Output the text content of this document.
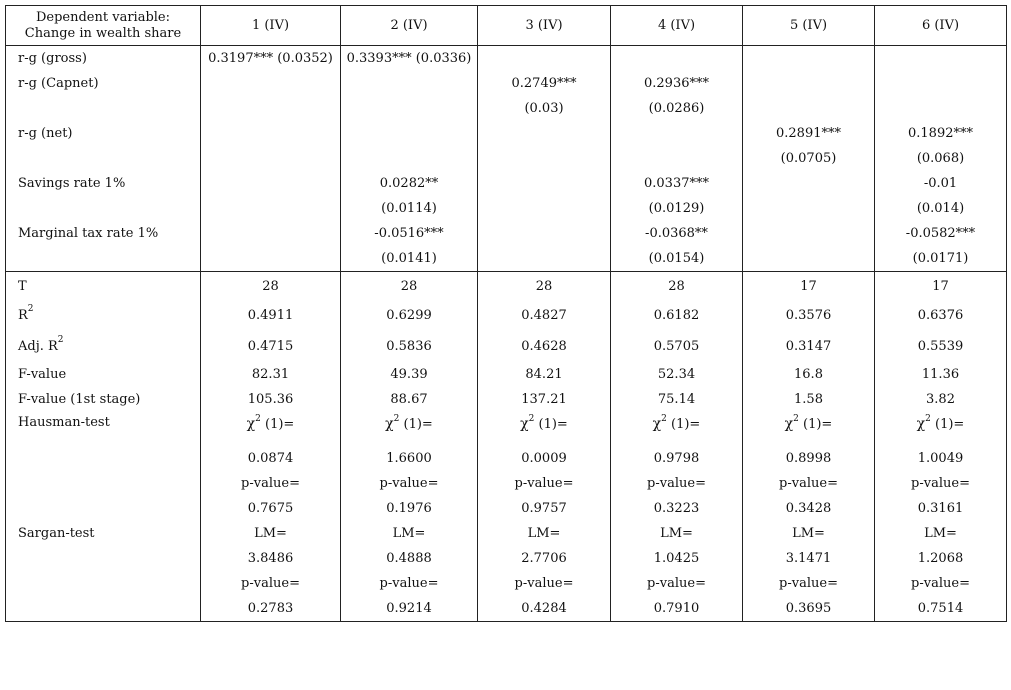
Dependent variable:
Change in wealth share	1 (IV)	2 (IV)	3 (IV)	4 (IV)	5 (IV)	6 (IV)
r-g (gross)	0.3197*** (0.0352)	0.3393*** (0.0336)				
r-g (Capnet)			0.2749***	0.2936***		
			(0.03)	(0.0286)		
r-g (net)					0.2891***	0.1892***
					(0.0705)	(0.068)
Savings rate 1%		0.0282**		0.0337***		-0.01
		(0.0114)		(0.0129)		(0.014)
Marginal tax rate 1%		-0.0516***		-0.0368**		-0.0582***
		(0.0141)		(0.0154)		(0.0171)
T	28	28	28	28	17	17
$R^2$	0.4911	0.6299	0.4827	0.6182	0.3576	0.6376
Adj. $R^2$	0.4715	0.5836	0.4628	0.5705	0.3147	0.5539
F-value	82.31	49.39	84.21	52.34	16.8	11.36
F-value (1st stage)	105.36	88.67	137.21	75.14	1.58	3.82
Hausman-test	$\chi^2$ (1)=	$\chi^2$ (1)=	$\chi^2$ (1)=	$\chi^2$ (1)=	$\chi^2$ (1)=	$\chi^2$ (1)=
	0.0874	1.6600	0.0009	0.9798	0.8998	1.0049
	p-value=	p-value=	p-value=	p-value=	p-value=	p-value=
	0.7675	0.1976	0.9757	0.3223	0.3428	0.3161
Sargan-test	LM=	LM=	LM=	LM=	LM=	LM=
	3.8486	0.4888	2.7706	1.0425	3.1471	1.2068
	p-value=	p-value=	p-value=	p-value=	p-value=	p-value=
	0.2783	0.9214	0.4284	0.7910	0.3695	0.7514
